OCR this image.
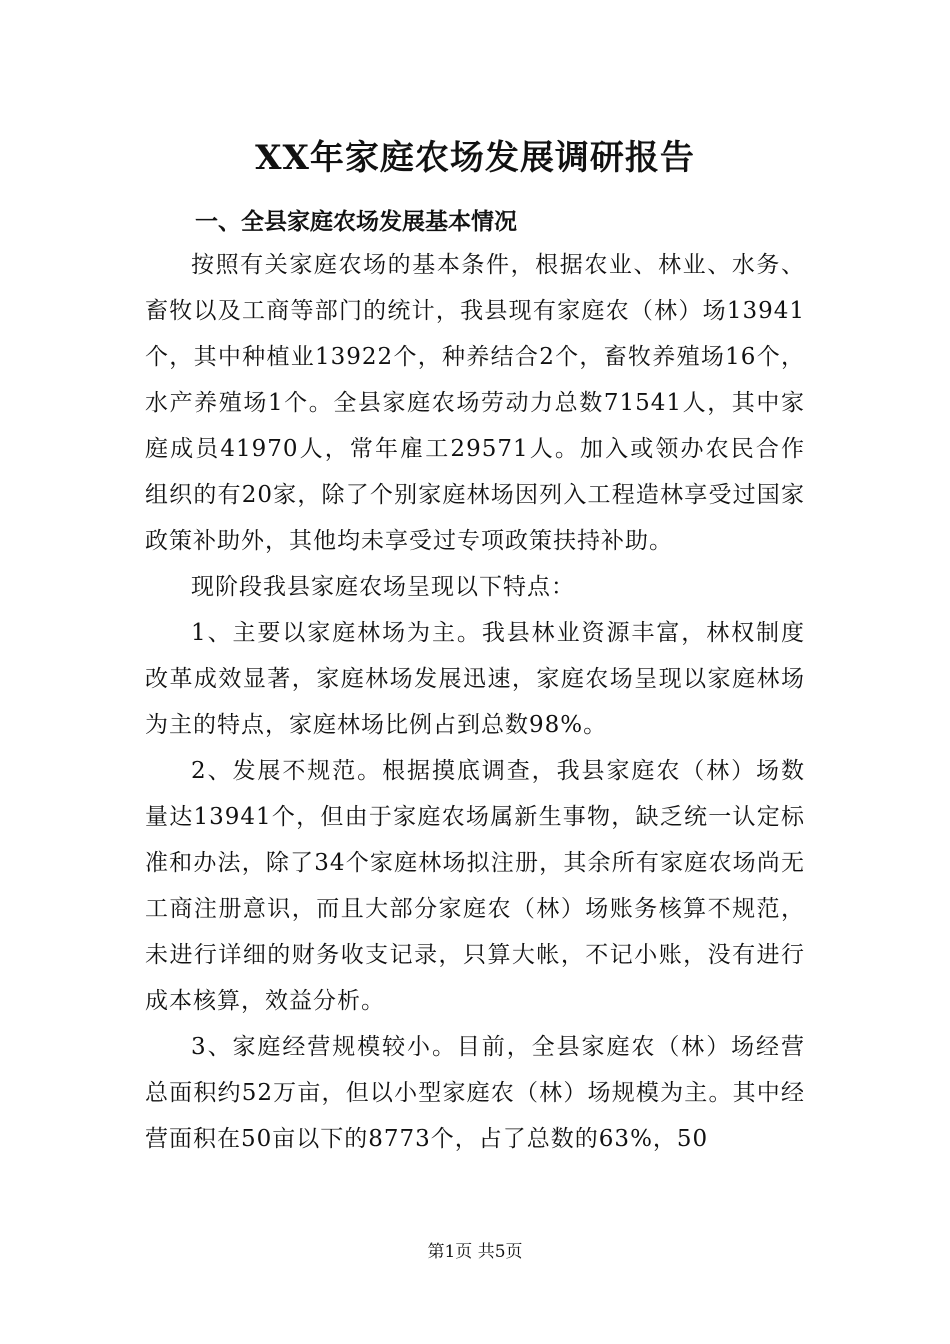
XX年家庭农场发展调研报告
一、全县家庭农场发展基本情况

按照有关家庭农场的基本条件，根据农业、林业、水务、畜牧以及工商等部门的统计，我县现有家庭农（林）场13941个，其中种植业13922个，种养结合2个，畜牧养殖场16个，水产养殖场1个。全县家庭农场劳动力总数71541人，其中家庭成员41970人，常年雇工29571人。加入或领办农民合作组织的有20家，除了个别家庭林场因列入工程造林享受过国家政策补助外，其他均未享受过专项政策扶持补助。

现阶段我县家庭农场呈现以下特点：

1、主要以家庭林场为主。我县林业资源丰富，林权制度改革成效显著，家庭林场发展迅速，家庭农场呈现以家庭林场为主的特点，家庭林场比例占到总数98%。

2、发展不规范。根据摸底调查，我县家庭农（林）场数量达13941个，但由于家庭农场属新生事物，缺乏统一认定标准和办法，除了34个家庭林场拟注册，其余所有家庭农场尚无工商注册意识，而且大部分家庭农（林）场账务核算不规范，未进行详细的财务收支记录，只算大帐，不记小账，没有进行成本核算，效益分析。

3、家庭经营规模较小。目前，全县家庭农（林）场经营总面积约52万亩，但以小型家庭农（林）场规模为主。其中经营面积在50亩以下的8773个，占了总数的63%，50

第1页 共5页
